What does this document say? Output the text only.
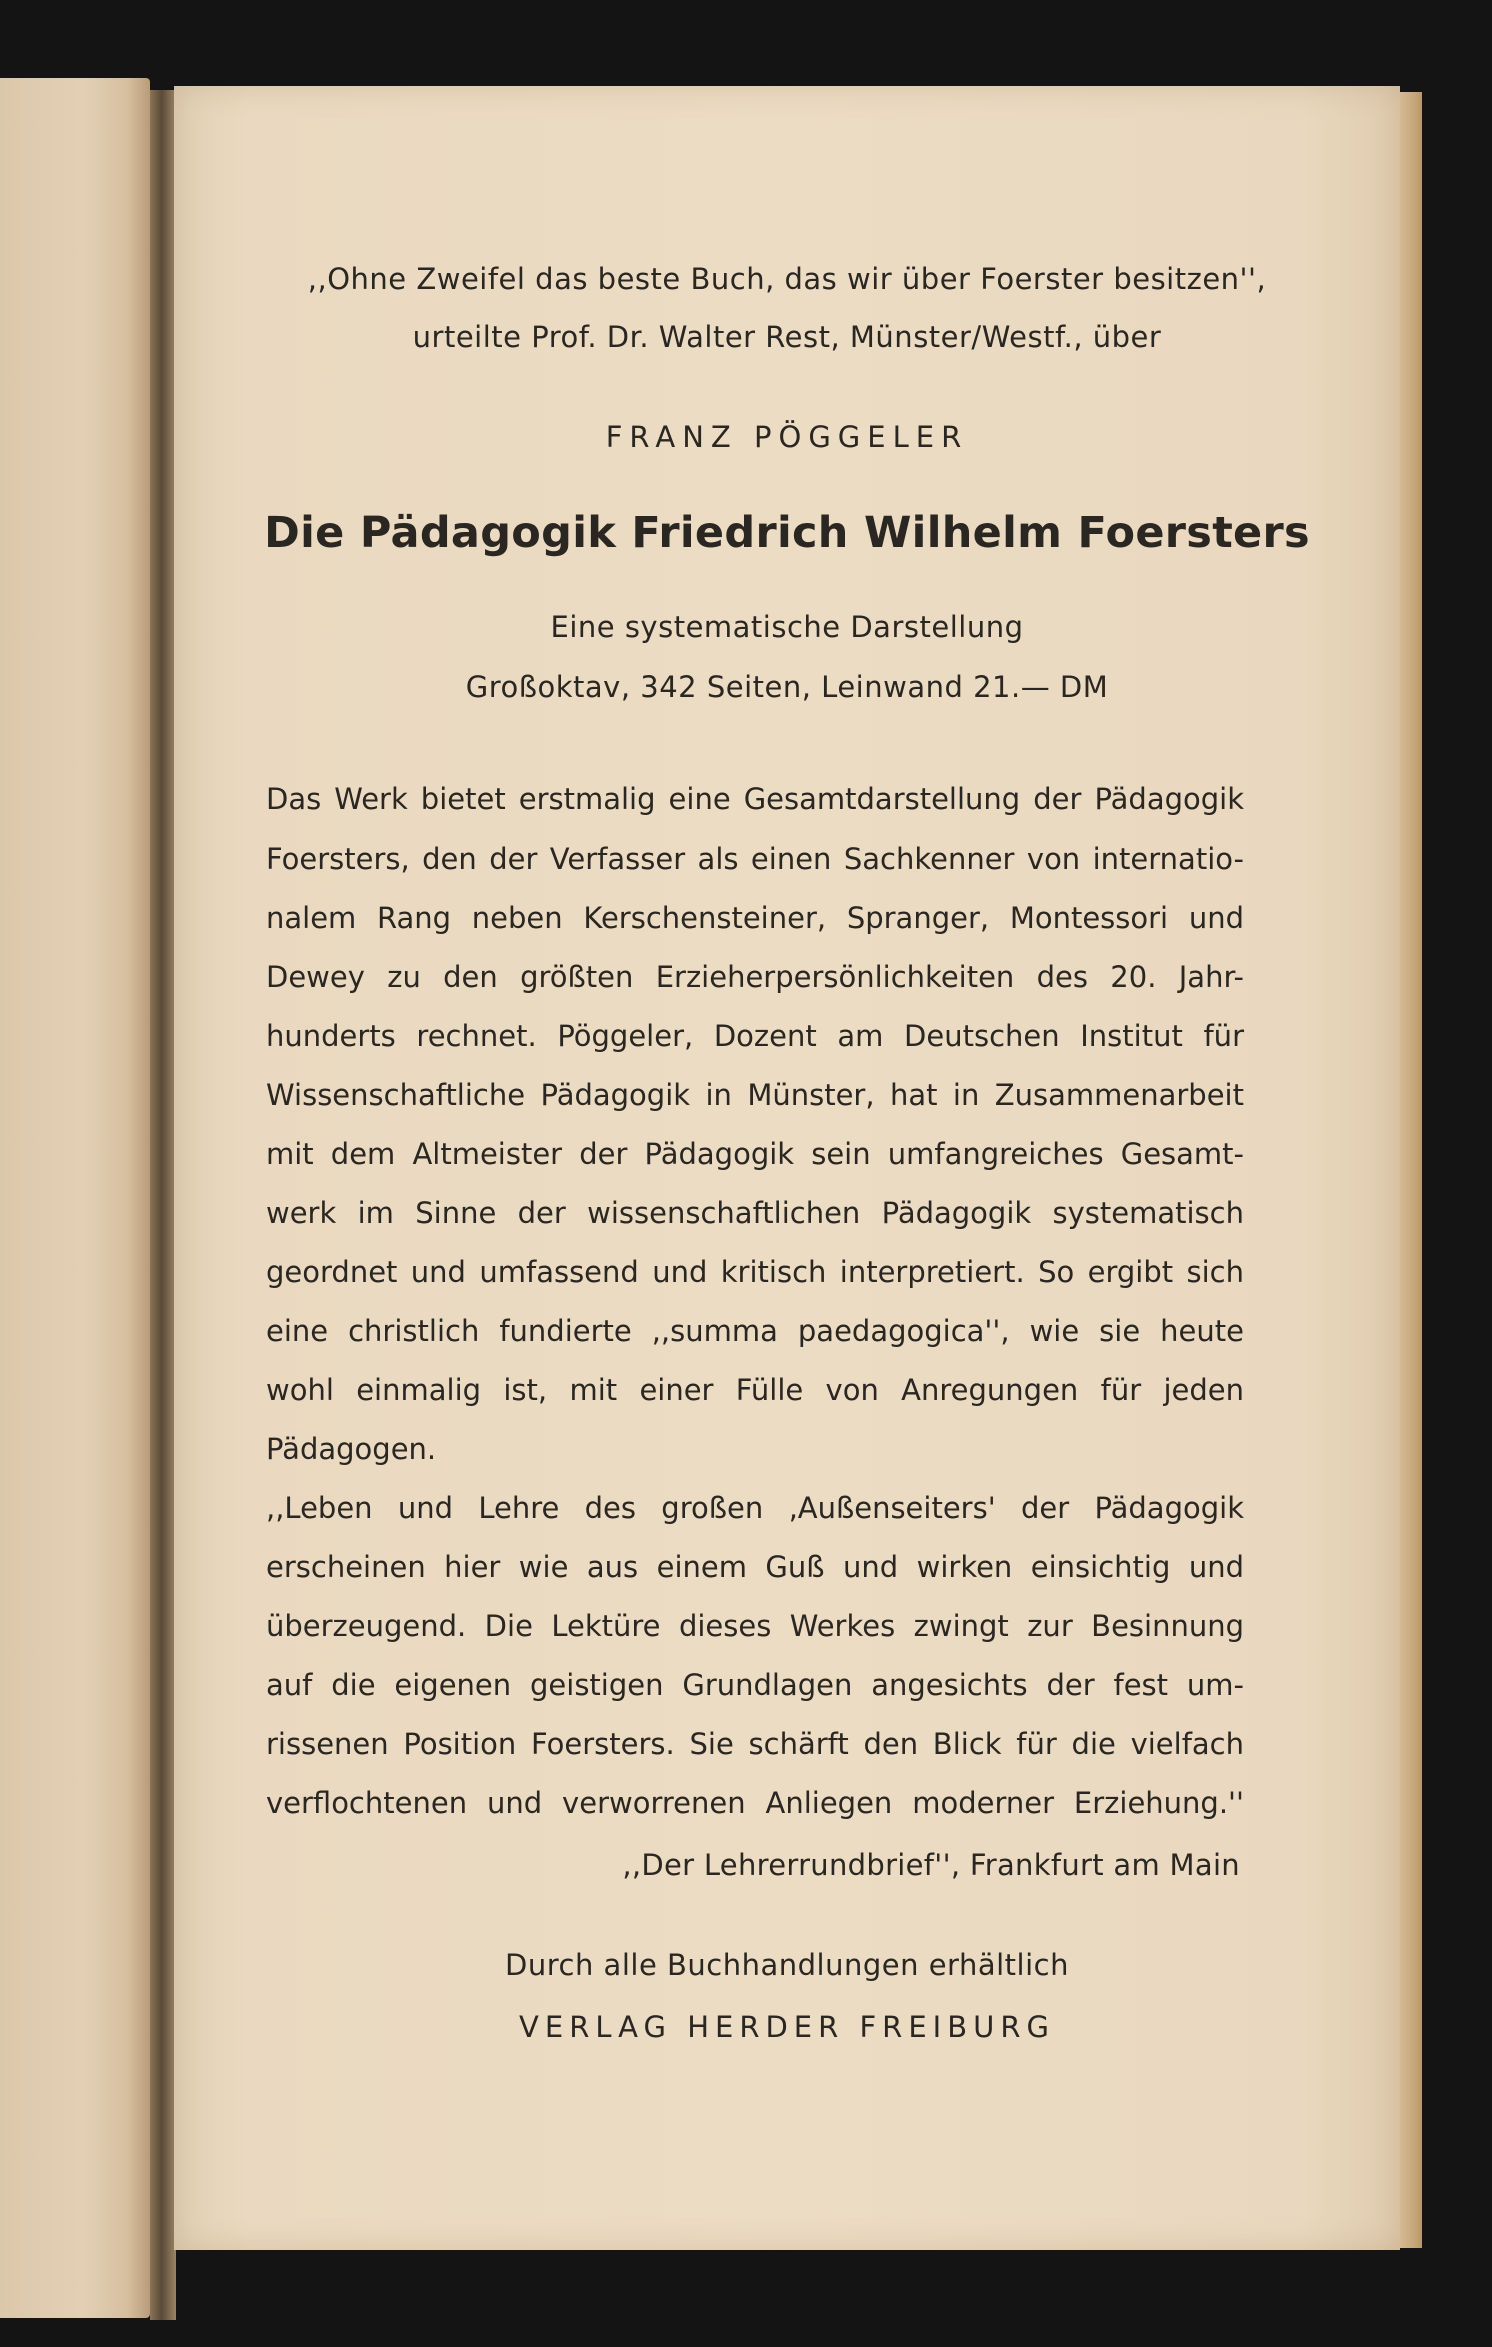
,,Ohne Zweifel das beste Buch, das wir über Foerster besitzen'',
urteilte Prof. Dr. Walter Rest, Münster/Westf., über
FRANZ PÖGGELER
Die Pädagogik Friedrich Wilhelm Foersters
Eine systematische Darstellung
Großoktav, 342 Seiten, Leinwand 21.— DM
Das Werk bietet erstmalig eine Gesamtdarstellung der Pädagogik
Foersters, den der Verfasser als einen Sachkenner von internatio-
nalem Rang neben Kerschensteiner, Spranger, Montessori und
Dewey zu den größten Erzieherpersönlichkeiten des 20. Jahr-
hunderts rechnet. Pöggeler, Dozent am Deutschen Institut für
Wissenschaftliche Pädagogik in Münster, hat in Zusammenarbeit
mit dem Altmeister der Pädagogik sein umfangreiches Gesamt-
werk im Sinne der wissenschaftlichen Pädagogik systematisch
geordnet und umfassend und kritisch interpretiert. So ergibt sich
eine christlich fundierte ,,summa paedagogica'', wie sie heute
wohl einmalig ist, mit einer Fülle von Anregungen für jeden
Pädagogen.
,,Leben und Lehre des großen ‚Außenseiters' der Pädagogik
erscheinen hier wie aus einem Guß und wirken einsichtig und
überzeugend. Die Lektüre dieses Werkes zwingt zur Besinnung
auf die eigenen geistigen Grundlagen angesichts der fest um-
rissenen Position Foersters. Sie schärft den Blick für die vielfach
verflochtenen und verworrenen Anliegen moderner Erziehung.''
,,Der Lehrerrundbrief'', Frankfurt am Main
Durch alle Buchhandlungen erhältlich
VERLAG HERDER FREIBURG
